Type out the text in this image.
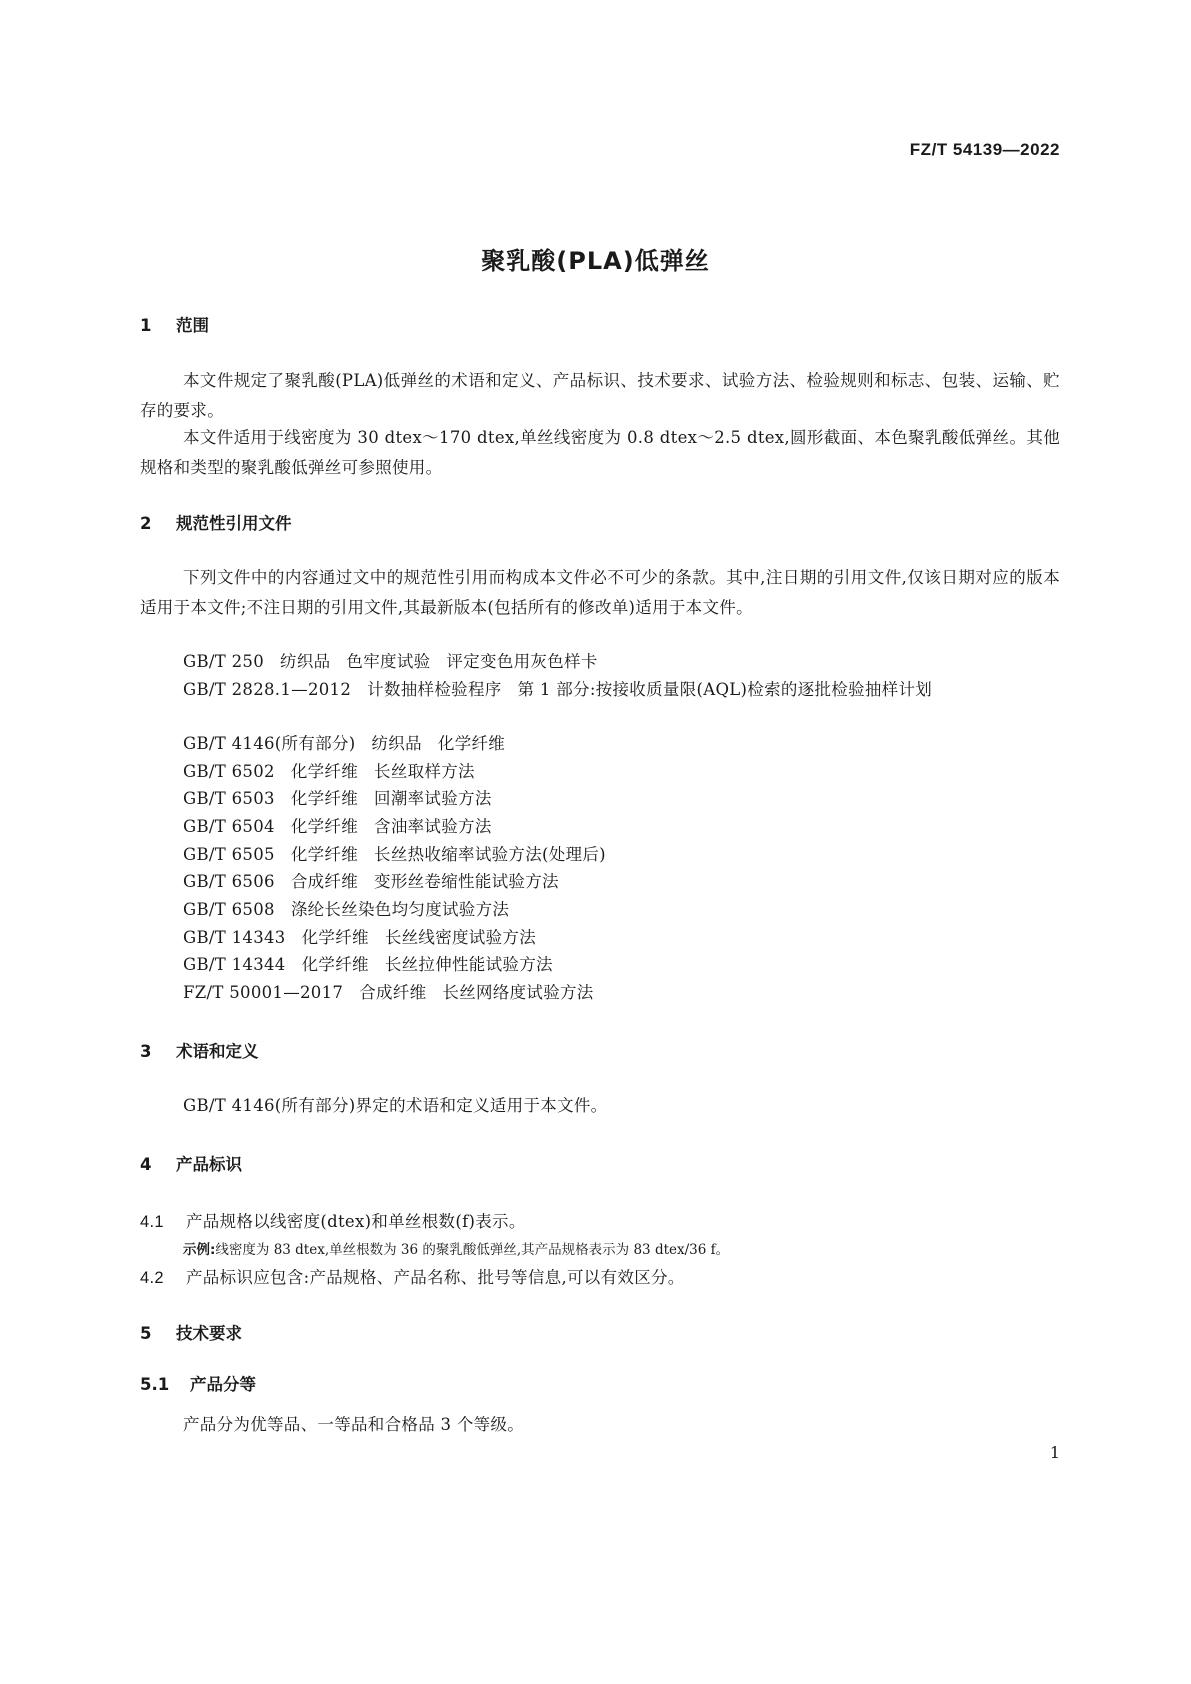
FZ/T 54139—2022
聚乳酸(PLA)低弹丝
1 范围
本文件规定了聚乳酸(PLA)低弹丝的术语和定义、产品标识、技术要求、试验方法、检验规则和标志、包装、运输、贮存的要求。
本文件适用于线密度为 30 dtex～170 dtex,单丝线密度为 0.8 dtex～2.5 dtex,圆形截面、本色聚乳酸低弹丝。其他规格和类型的聚乳酸低弹丝可参照使用。
2 规范性引用文件
下列文件中的内容通过文中的规范性引用而构成本文件必不可少的条款。其中,注日期的引用文件,仅该日期对应的版本适用于本文件;不注日期的引用文件,其最新版本(包括所有的修改单)适用于本文件。
GB/T 250 纺织品 色牢度试验 评定变色用灰色样卡
GB/T 2828.1—2012 计数抽样检验程序 第 1 部分:按接收质量限(AQL)检索的逐批检验抽样计划
GB/T 4146(所有部分) 纺织品 化学纤维
GB/T 6502 化学纤维 长丝取样方法
GB/T 6503 化学纤维 回潮率试验方法
GB/T 6504 化学纤维 含油率试验方法
GB/T 6505 化学纤维 长丝热收缩率试验方法(处理后)
GB/T 6506 合成纤维 变形丝卷缩性能试验方法
GB/T 6508 涤纶长丝染色均匀度试验方法
GB/T 14343 化学纤维 长丝线密度试验方法
GB/T 14344 化学纤维 长丝拉伸性能试验方法
FZ/T 50001—2017 合成纤维 长丝网络度试验方法
3 术语和定义
GB/T 4146(所有部分)界定的术语和定义适用于本文件。
4 产品标识
4.1 产品规格以线密度(dtex)和单丝根数(f)表示。
示例:线密度为 83 dtex,单丝根数为 36 的聚乳酸低弹丝,其产品规格表示为 83 dtex/36 f。
4.2 产品标识应包含:产品规格、产品名称、批号等信息,可以有效区分。
5 技术要求
5.1 产品分等
产品分为优等品、一等品和合格品 3 个等级。
1
